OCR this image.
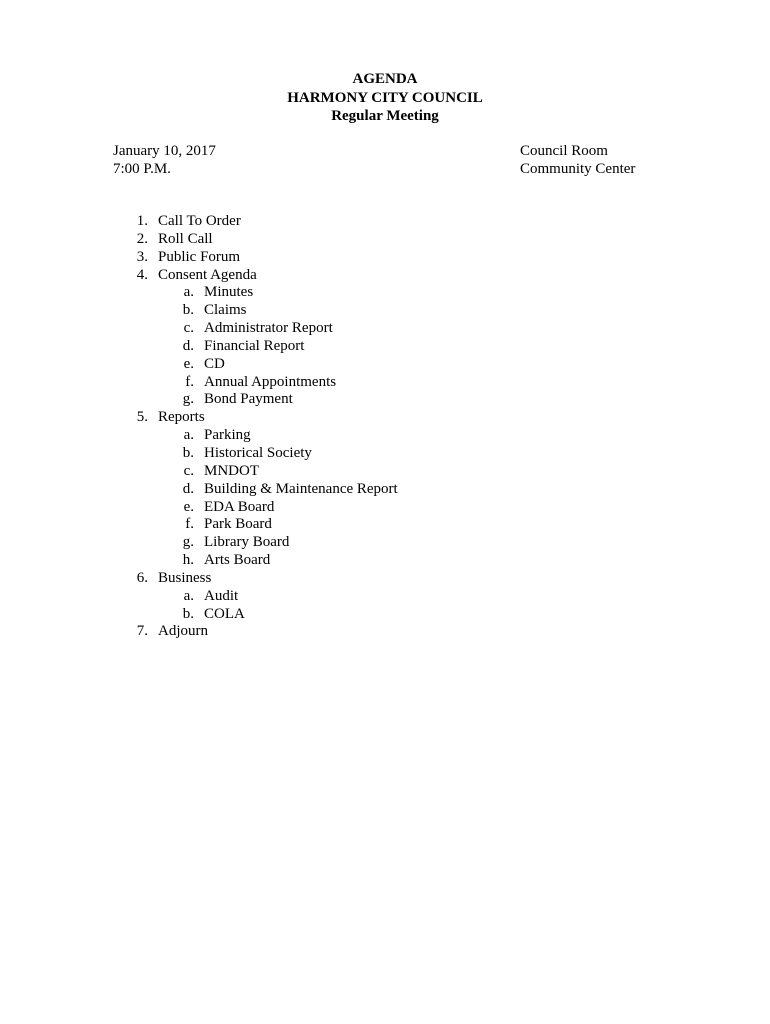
AGENDA
HARMONY CITY COUNCIL
Regular Meeting
January 10, 2017
7:00 P.M.
Council Room
Community Center
1. Call To Order
2. Roll Call
3. Public Forum
4. Consent Agenda
a. Minutes
b. Claims
c. Administrator Report
d. Financial Report
e. CD
f. Annual Appointments
g. Bond Payment
5. Reports
a. Parking
b. Historical Society
c. MNDOT
d. Building & Maintenance Report
e. EDA Board
f. Park Board
g. Library Board
h. Arts Board
6. Business
a. Audit
b. COLA
7. Adjourn
